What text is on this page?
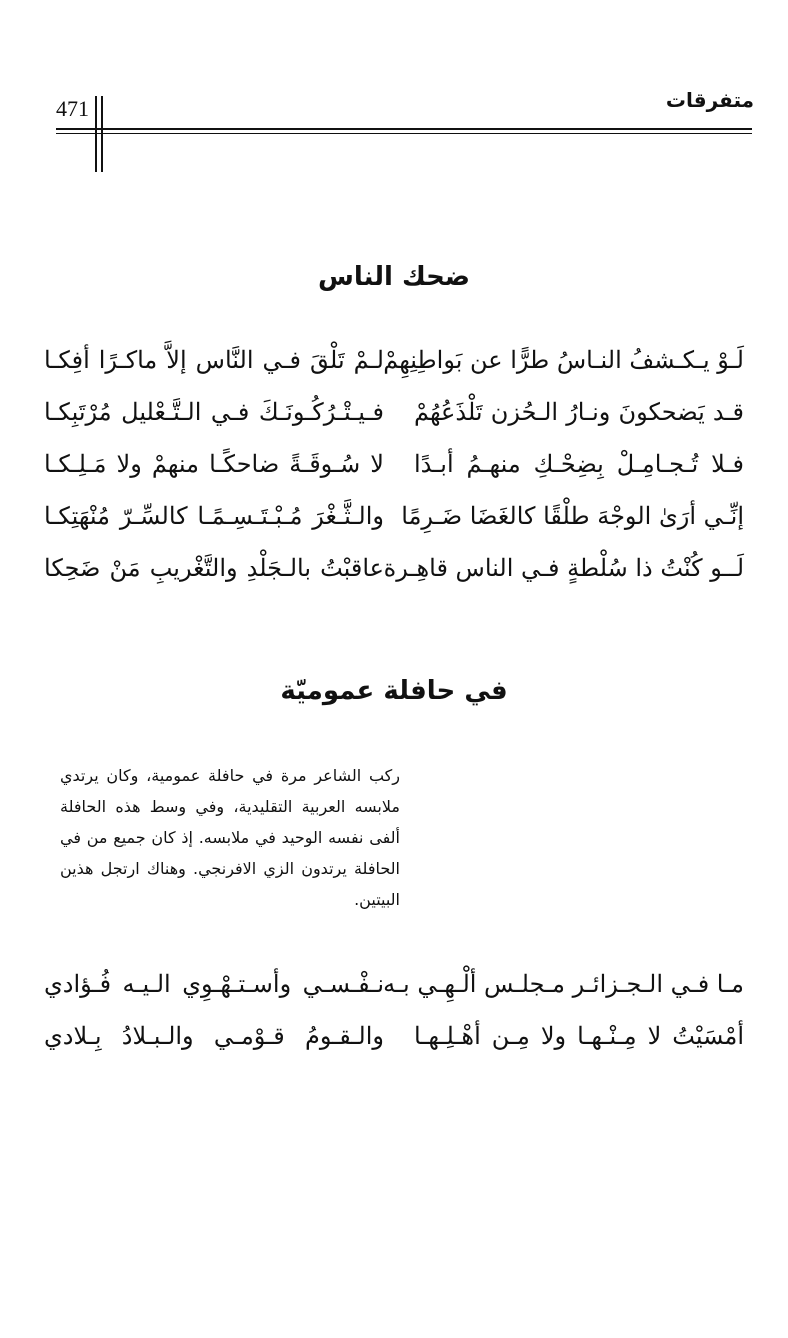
471	متفرقات
ضحك الناس
لَـوْ يـكـشفُ النـاسُ طرًّا عن بَواطِنِهِمْ
لـمْ تَلْقَ فـي النَّاس إلاَّ ماكـرًا أفِكـا
قـد يَضحكونَ ونـارُ الـحُزن تَلْذَعُهُمْ
فـيـتْـرُكُـونَـكَ فـي الـتَّـعْليل مُرْتَبِكـا
فـلا تُـجـامِـلْ بِضِحْـكِ منهـمُ أبـدًا
لا سُـوقَـةً ضاحكًـا منهمْ ولا مَـلِـكـا
إنِّـي أرَىٰ الوجْهَ طلْقًا كالغَضَا ضَـرِمًا
والـثَّـغْرَ مُـبْـتَـسِـمًـا كالسِّـرّ مُنْهَتِكـا
لَــو كُنْتُ ذا سُلْطةٍ فـي الناس قاهِـرة
عاقبْتُ بالـجَلْدِ والتَّغْريبِ مَنْ ضَحِكا
في حافلة عموميّة

ركب الشاعر مرة في حافلة عمومية، وكان يرتدي ملابسه العربية التقليدية، وفي وسط هذه الحافلة ألفى نفسه الوحيد في ملابسه. إذ كان جميع من في الحافلة يرتدون الزي الافرنجي. وهناك ارتجل هذين البيتين.

مـا فـي الـجـزائـر مـجلـس ألْـهِـي بـه
نـفْـسـي وأسـتـهْـوِي الـيـه فُـؤادي
أمْسَيْتُ لا مِـنْـهـا ولا مِـن أهْـلِـهـا
والـقـومُ قـوْمـي والـبـلادُ بِـلادي
